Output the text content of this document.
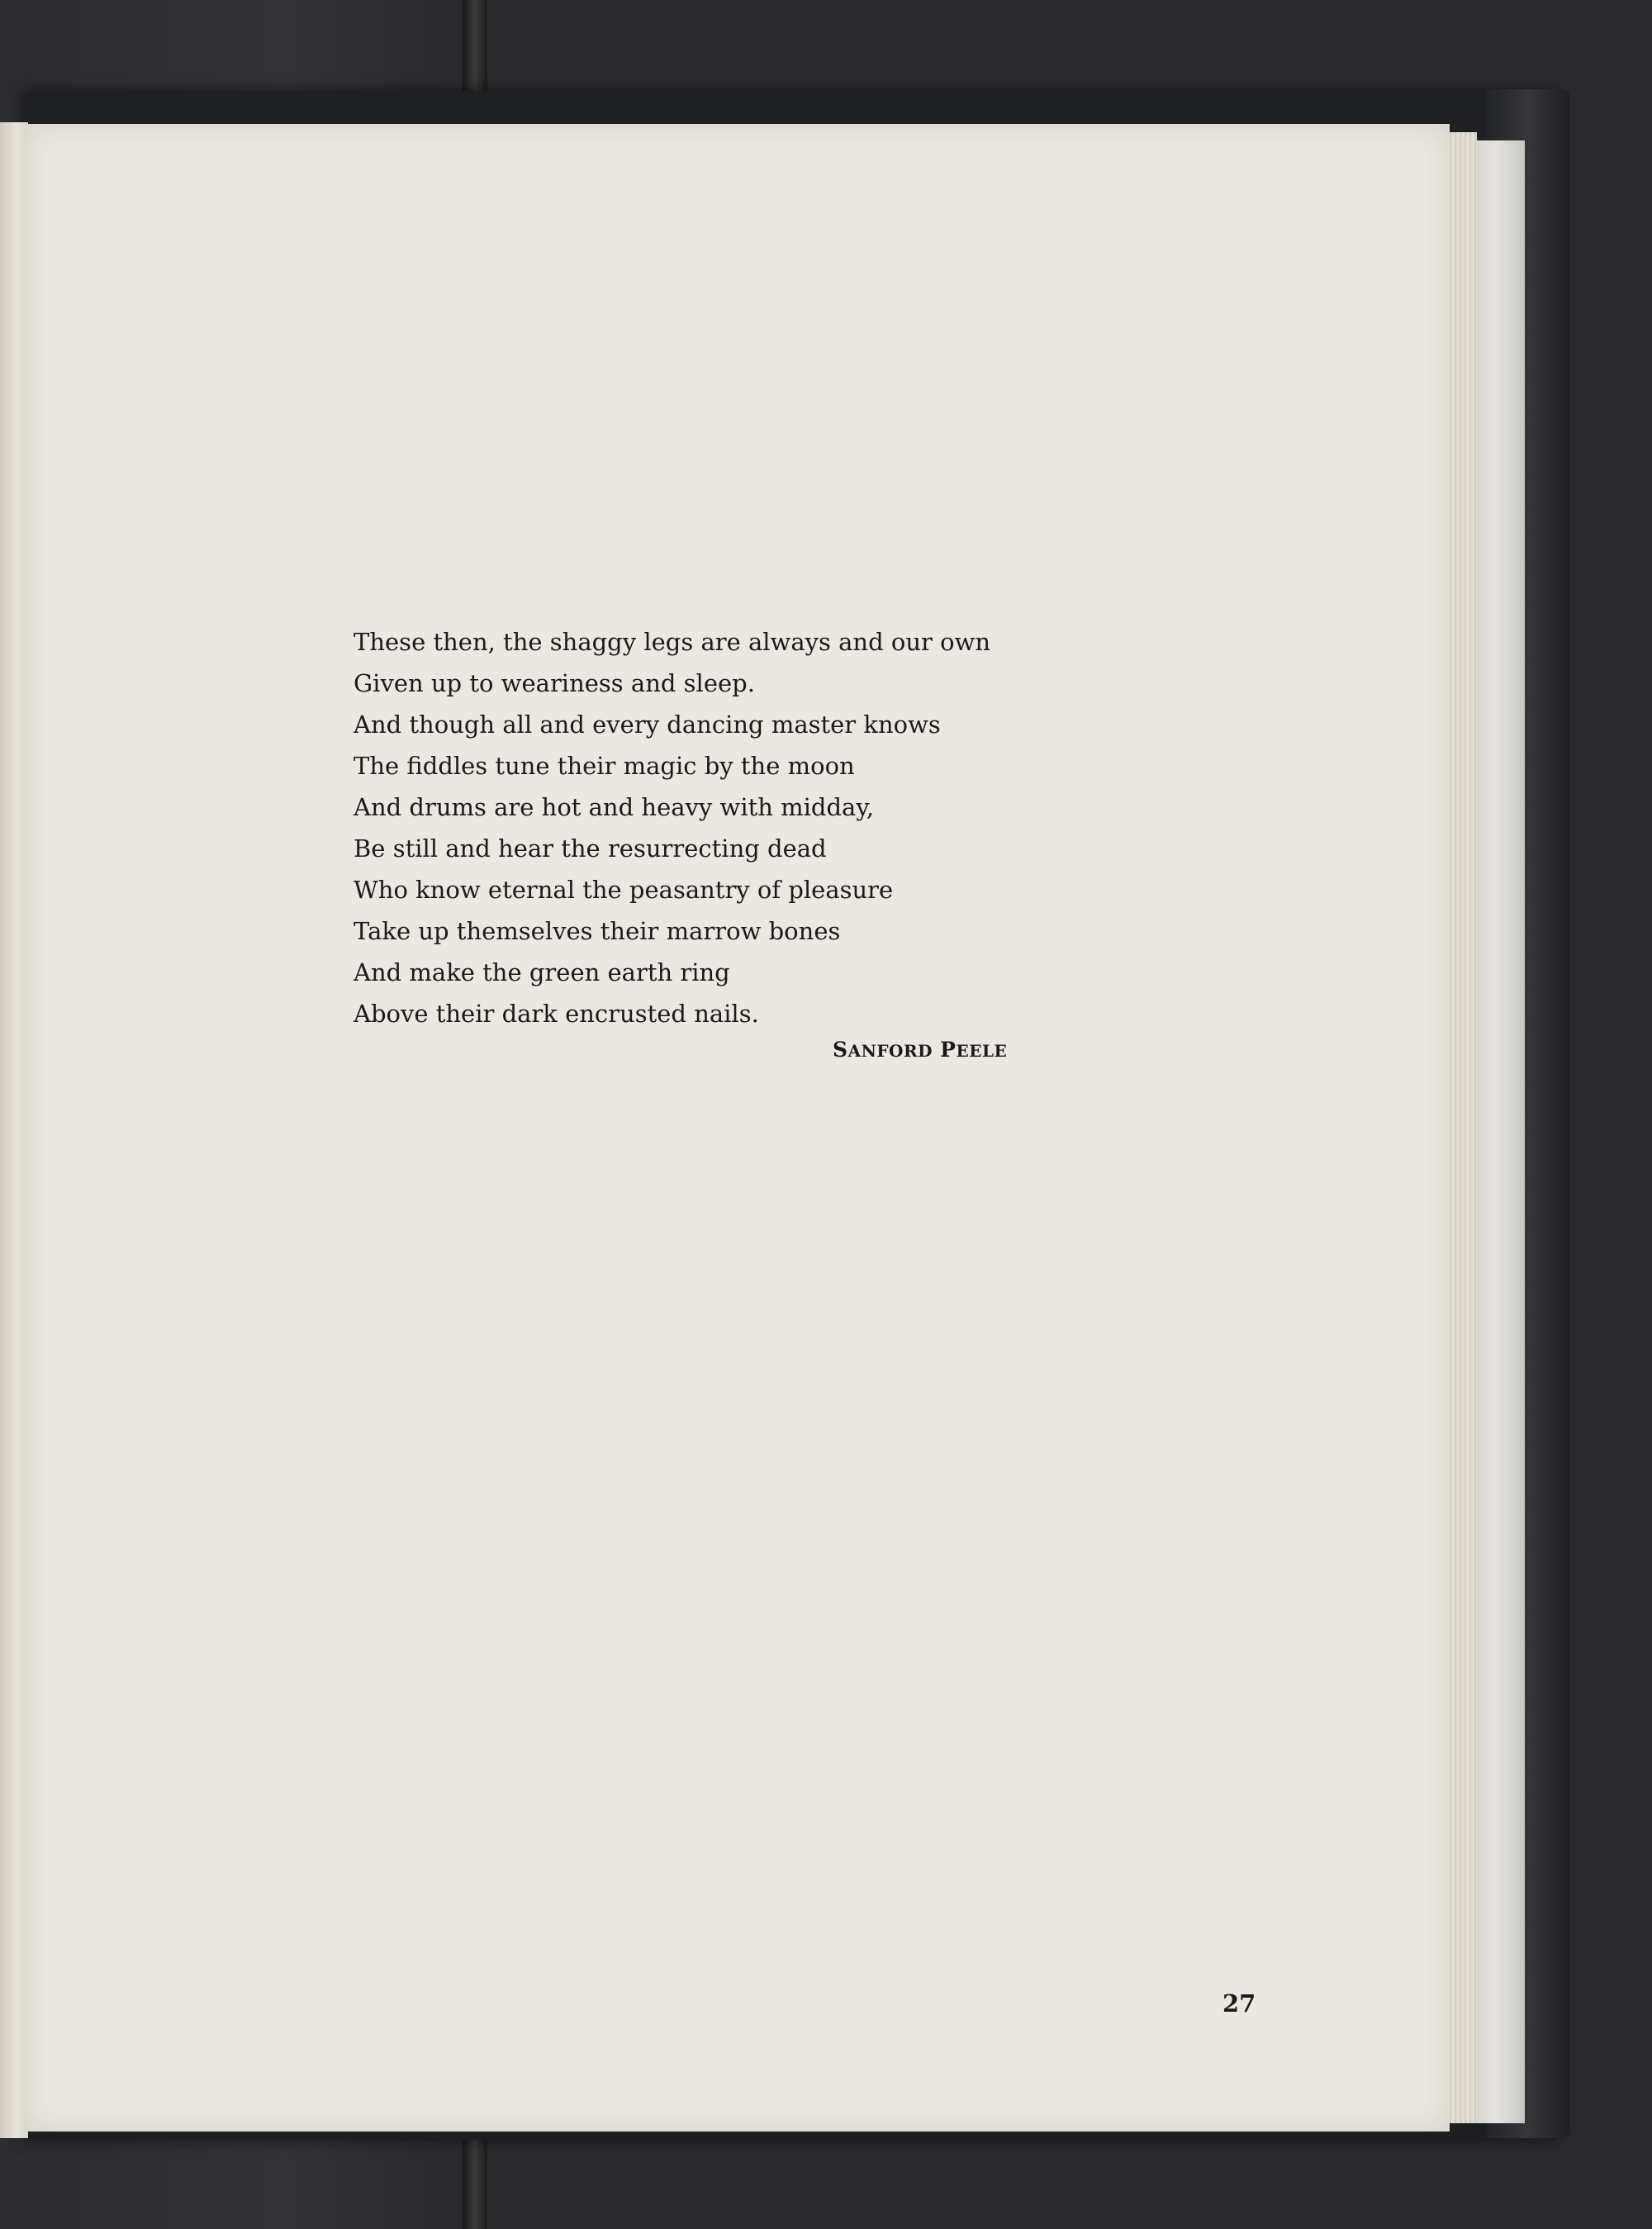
These then, the shaggy legs are always and our own
Given up to weariness and sleep.
And though all and every dancing master knows
The fiddles tune their magic by the moon
And drums are hot and heavy with midday,
Be still and hear the resurrecting dead
Who know eternal the peasantry of pleasure
Take up themselves their marrow bones
And make the green earth ring
Above their dark encrusted nails.
SANFORD PEELE
27
